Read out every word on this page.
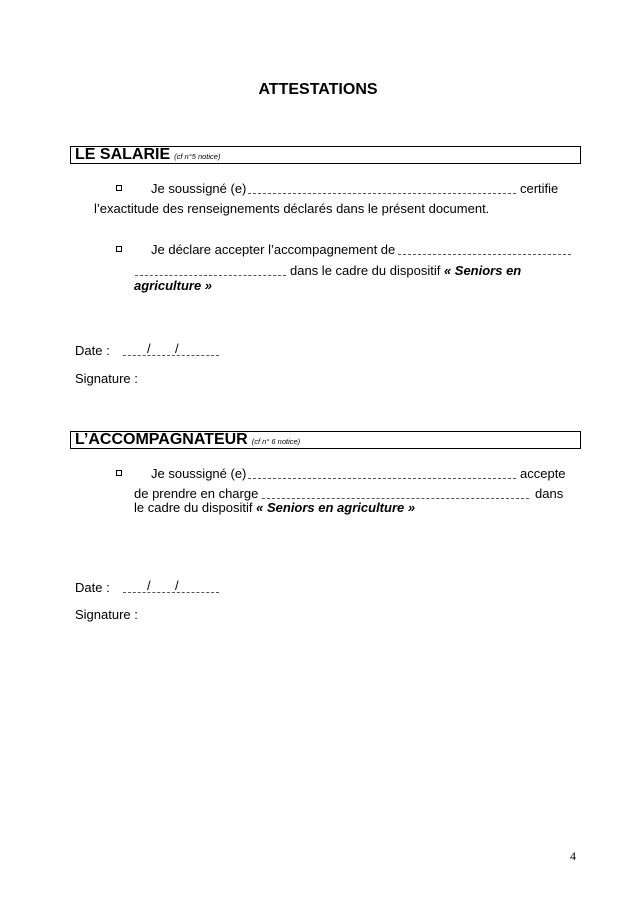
ATTESTATIONS
LE SALARIE (cf n°5 notice)
Je soussigné (e)	certifie
l’exactitude des renseignements déclarés dans le présent document.
Je déclare accepter l’accompagnement de
dans le cadre du dispositif « Seniors en
agriculture »
Date :	/ /
Signature :
L’ACCOMPAGNATEUR (cf n° 6 notice)
Je soussigné (e)	accepte
de prendre en charge	dans
le cadre du dispositif « Seniors en agriculture »
Date :	/ /
Signature :
4
